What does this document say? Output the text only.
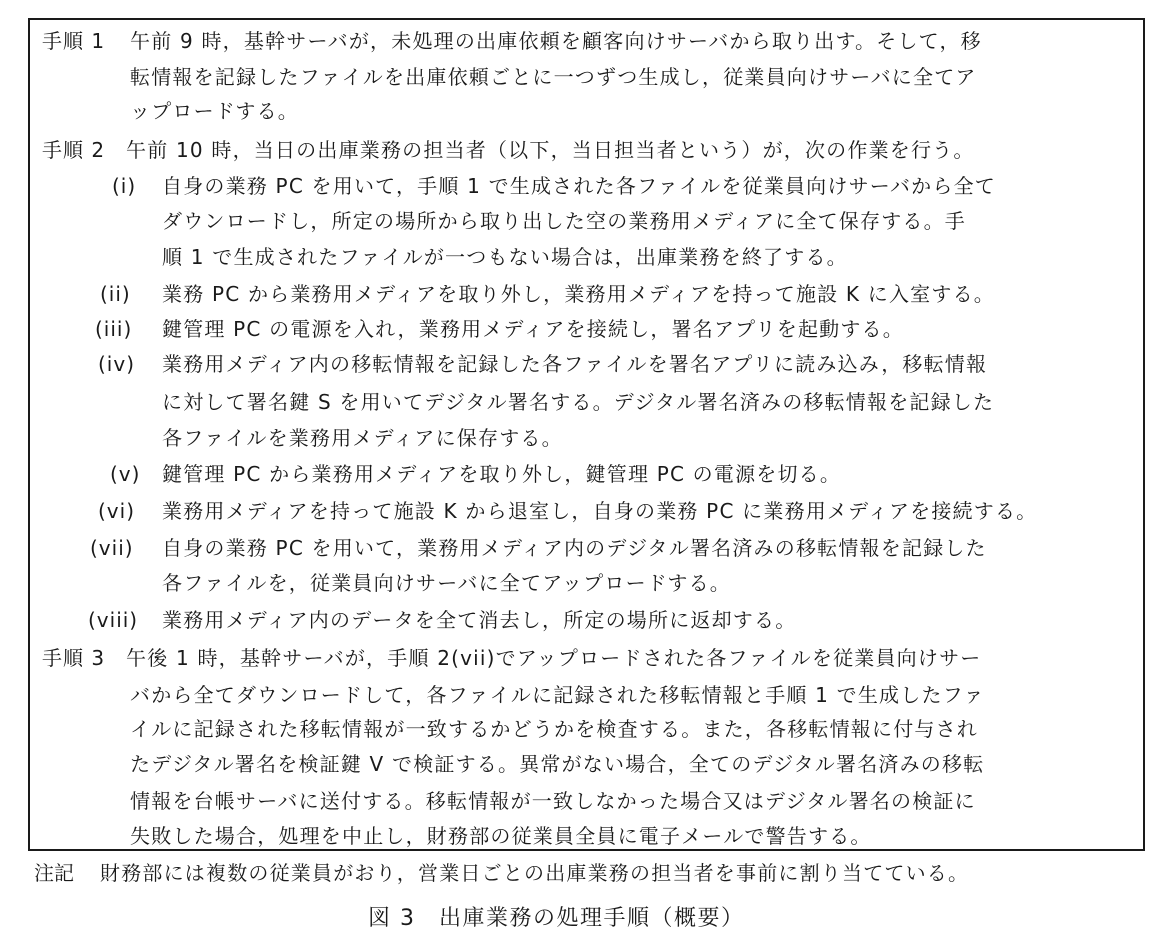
手順 1 午前 9 時，基幹サーバが，未処理の出庫依頼を顧客向けサーバから取り出す。そして，移
転情報を記録したファイルを出庫依頼ごとに一つずつ生成し，従業員向けサーバに全てア
ップロードする。
手順 2 午前 10 時，当日の出庫業務の担当者（以下，当日担当者という）が，次の作業を行う。
(i) 自身の業務 PC を用いて，手順 1 で生成された各ファイルを従業員向けサーバから全て
ダウンロードし，所定の場所から取り出した空の業務用メディアに全て保存する。手
順 1 で生成されたファイルが一つもない場合は，出庫業務を終了する。
(ii) 業務 PC から業務用メディアを取り外し，業務用メディアを持って施設 K に入室する。
(iii) 鍵管理 PC の電源を入れ，業務用メディアを接続し，署名アプリを起動する。
(iv) 業務用メディア内の移転情報を記録した各ファイルを署名アプリに読み込み，移転情報
に対して署名鍵 S を用いてデジタル署名する。デジタル署名済みの移転情報を記録した
各ファイルを業務用メディアに保存する。
(v) 鍵管理 PC から業務用メディアを取り外し，鍵管理 PC の電源を切る。
(vi) 業務用メディアを持って施設 K から退室し，自身の業務 PC に業務用メディアを接続する。
(vii) 自身の業務 PC を用いて，業務用メディア内のデジタル署名済みの移転情報を記録した
各ファイルを，従業員向けサーバに全てアップロードする。
(viii) 業務用メディア内のデータを全て消去し，所定の場所に返却する。
手順 3 午後 1 時，基幹サーバが，手順 2(vii)でアップロードされた各ファイルを従業員向けサー
バから全てダウンロードして，各ファイルに記録された移転情報と手順 1 で生成したファ
イルに記録された移転情報が一致するかどうかを検査する。また，各移転情報に付与され
たデジタル署名を検証鍵 V で検証する。異常がない場合，全てのデジタル署名済みの移転
情報を台帳サーバに送付する。移転情報が一致しなかった場合又はデジタル署名の検証に
失敗した場合，処理を中止し，財務部の従業員全員に電子メールで警告する。
注記 財務部には複数の従業員がおり，営業日ごとの出庫業務の担当者を事前に割り当てている。
図 3　出庫業務の処理手順（概要）
